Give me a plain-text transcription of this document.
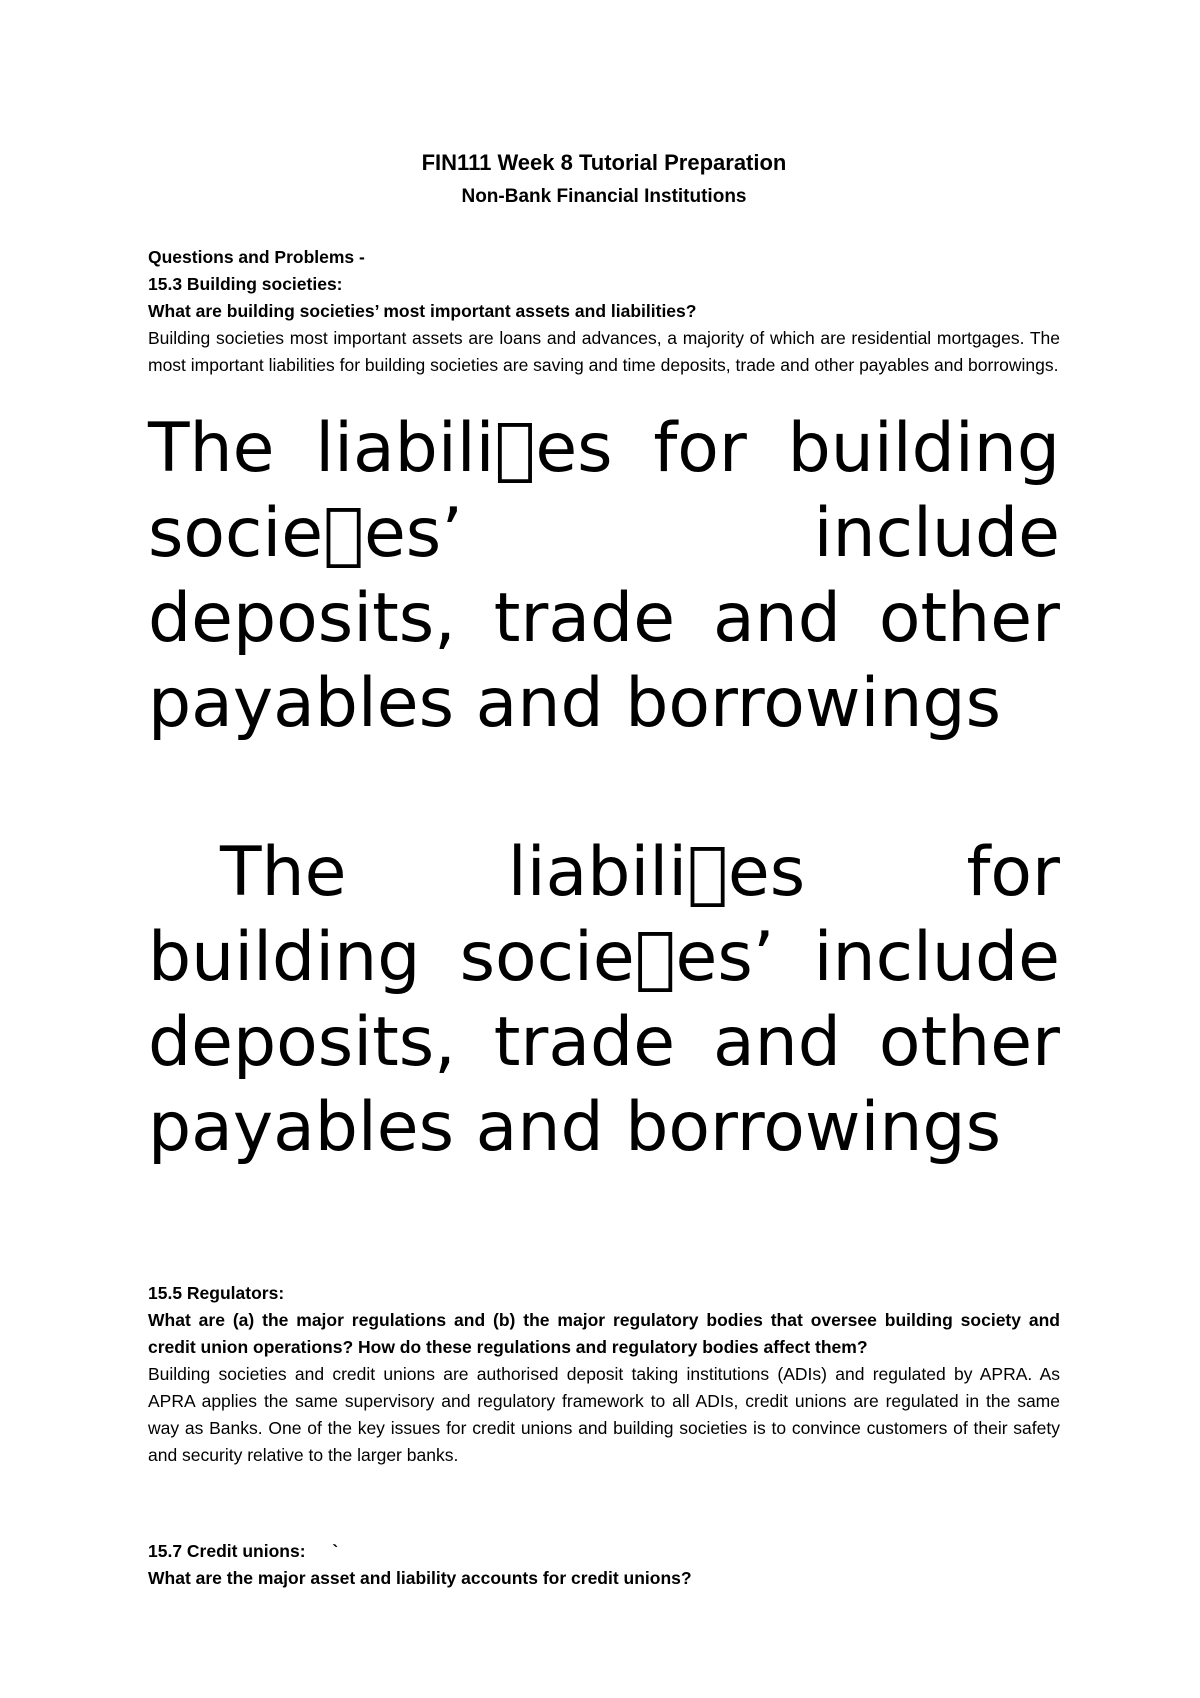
FIN111 Week 8 Tutorial Preparation
Non-Bank Financial Institutions

Questions and Problems -

15.3 Building societies:

What are building societies’ most important assets and liabilities?

Building societies most important assets are loans and advances, a majority of which are residential mortgages. The most important liabilities for building societies are saving and time deposits, trade and other payables and borrowings.

The liabili es for building socie es’ include deposits, trade and other payables and borrowings

The liabili es for building socie es’ include deposits, trade and other payables and borrowings

15.5 Regulators:

What are (a) the major regulations and (b) the major regulatory bodies that oversee building society and credit union operations? How do these regulations and regulatory bodies affect them?

Building societies and credit unions are authorised deposit taking institutions (ADIs) and regulated by APRA. As APRA applies the same supervisory and regulatory framework to all ADIs, credit unions are regulated in the same way as Banks. One of the key issues for credit unions and building societies is to convince customers of their safety and security relative to the larger banks.

15.7 Credit unions: `

What are the major asset and liability accounts for credit unions?
